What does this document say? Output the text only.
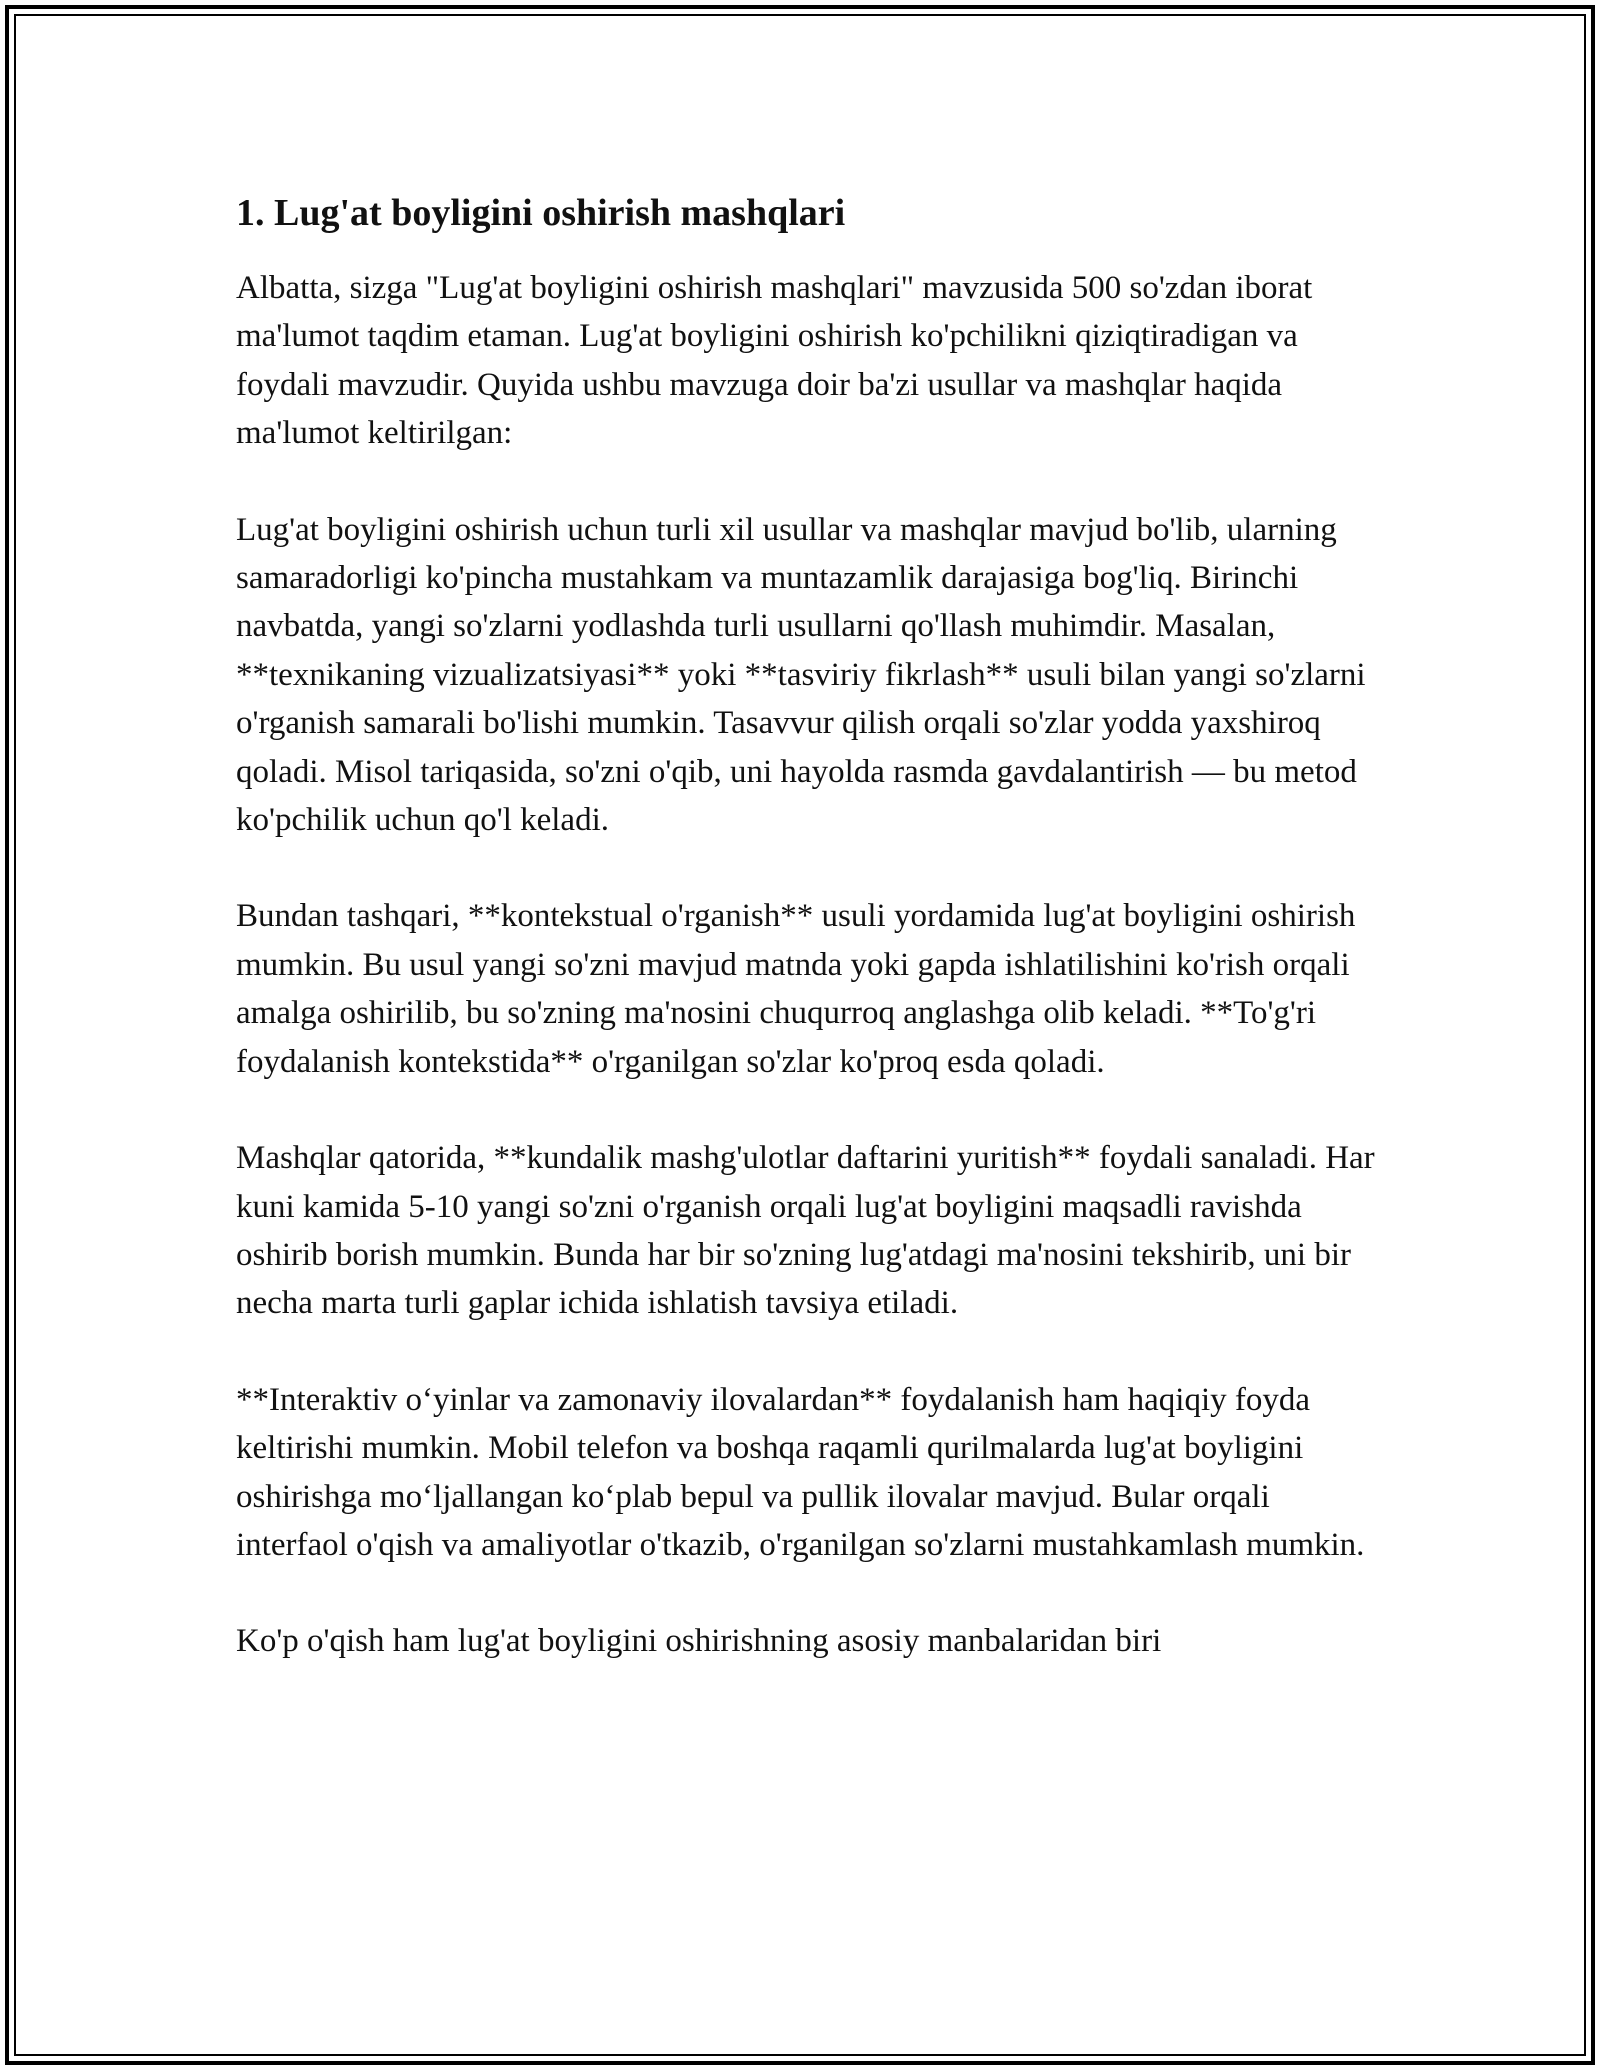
1. Lug'at boyligini oshirish mashqlari

Albatta, sizga "Lug'at boyligini oshirish mashqlari" mavzusida 500 so'zdan iborat ma'lumot taqdim etaman. Lug'at boyligini oshirish ko'pchilikni qiziqtiradigan va foydali mavzudir. Quyida ushbu mavzuga doir ba'zi usullar va mashqlar haqida ma'lumot keltirilgan:

Lug'at boyligini oshirish uchun turli xil usullar va mashqlar mavjud bo'lib, ularning samaradorligi ko'pincha mustahkam va muntazamlik darajasiga bog'liq. Birinchi navbatda, yangi so'zlarni yodlashda turli usullarni qo'llash muhimdir. Masalan, **texnikaning vizualizatsiyasi** yoki **tasviriy fikrlash** usuli bilan yangi so'zlarni o'rganish samarali bo'lishi mumkin. Tasavvur qilish orqali so'zlar yodda yaxshiroq qoladi. Misol tariqasida, so'zni o'qib, uni hayolda rasmda gavdalantirish — bu metod ko'pchilik uchun qo'l keladi.

Bundan tashqari, **kontekstual o'rganish** usuli yordamida lug'at boyligini oshirish mumkin. Bu usul yangi so'zni mavjud matnda yoki gapda ishlatilishini ko'rish orqali amalga oshirilib, bu so'zning ma'nosini chuqurroq anglashga olib keladi. **To'g'ri foydalanish kontekstida** o'rganilgan so'zlar ko'proq esda qoladi.

Mashqlar qatorida, **kundalik mashg'ulotlar daftarini yuritish** foydali sanaladi. Har kuni kamida 5-10 yangi so'zni o'rganish orqali lug'at boyligini maqsadli ravishda oshirib borish mumkin. Bunda har bir so'zning lug'atdagi ma'nosini tekshirib, uni bir necha marta turli gaplar ichida ishlatish tavsiya etiladi.

**Interaktiv o‘yinlar va zamonaviy ilovalardan** foydalanish ham haqiqiy foyda keltirishi mumkin. Mobil telefon va boshqa raqamli qurilmalarda lug'at boyligini oshirishga mo‘ljallangan ko‘plab bepul va pullik ilovalar mavjud. Bular orqali interfaol o'qish va amaliyotlar o'tkazib, o'rganilgan so'zlarni mustahkamlash mumkin.

Ko'p o'qish ham lug'at boyligini oshirishning asosiy manbalaridan biri
